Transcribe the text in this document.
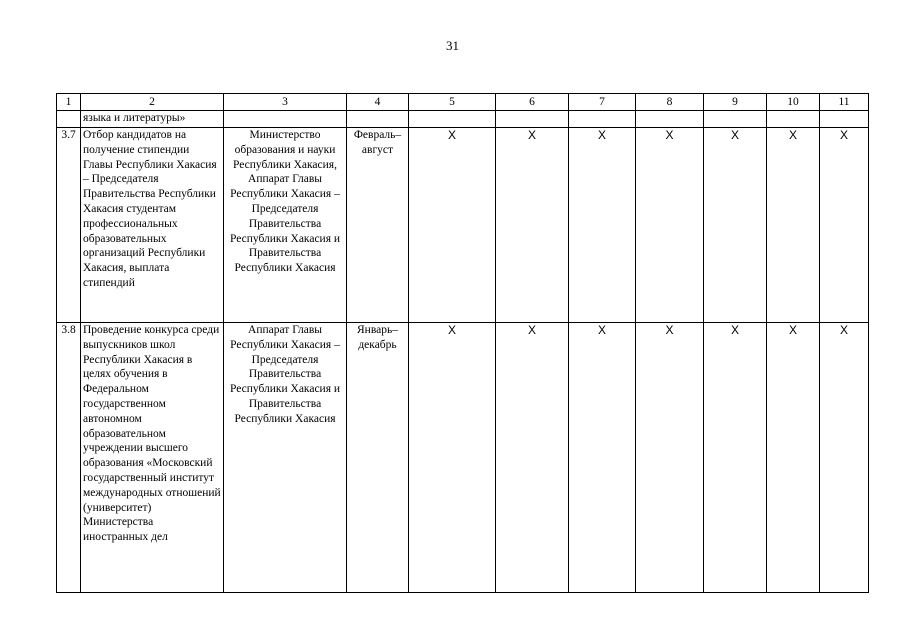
31
1	2	3	4	5	6	7	8	9	10	11
	языка и литературы»									
3.7	Отбор кандидатов на получение стипендии Главы Республики Хакасия – Председателя Правительства Республики Хакасия студентам профессиональных образовательных организаций Республики Хакасия, выплата стипендий	Министерство образования и науки Республики Хакасия, Аппарат Главы Республики Хакасия – Председателя Правительства Республики Хакасия и Правительства Республики Хакасия	Февраль–август	Х	Х	Х	Х	Х	Х	Х
3.8	Проведение конкурса среди выпускников школ Республики Хакасия в целях обучения в Федеральном государственном автономном образовательном учреждении высшего образования «Московский государственный институт международных отношений (университет) Министерства иностранных дел	Аппарат Главы Республики Хакасия – Председателя Правительства Республики Хакасия и Правительства Республики Хакасия	Январь–декабрь	Х	Х	Х	Х	Х	Х	Х
